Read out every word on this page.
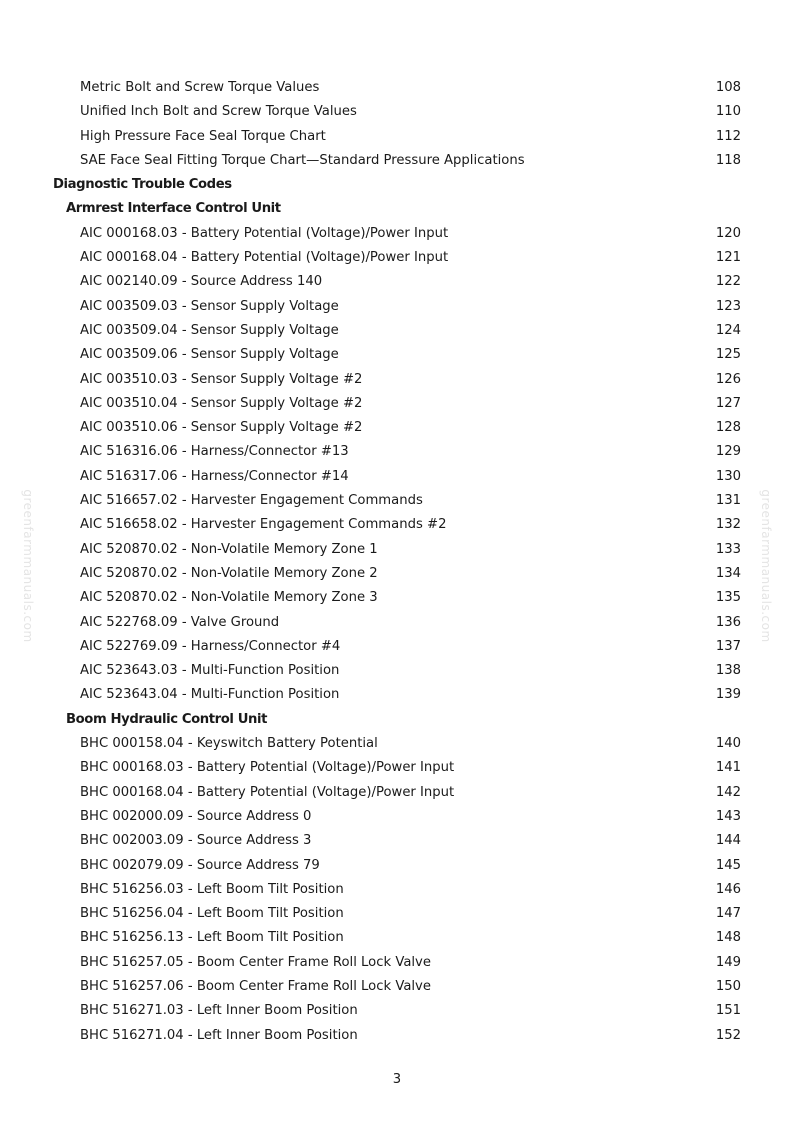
Metric Bolt and Screw Torque Values	108
Unified Inch Bolt and Screw Torque Values	110
High Pressure Face Seal Torque Chart	112
SAE Face Seal Fitting Torque Chart—Standard Pressure Applications	118
Diagnostic Trouble Codes
Armrest Interface Control Unit
AIC 000168.03 - Battery Potential (Voltage)/Power Input	120
AIC 000168.04 - Battery Potential (Voltage)/Power Input	121
AIC 002140.09 - Source Address 140	122
AIC 003509.03 - Sensor Supply Voltage	123
AIC 003509.04 - Sensor Supply Voltage	124
AIC 003509.06 - Sensor Supply Voltage	125
AIC 003510.03 - Sensor Supply Voltage #2	126
AIC 003510.04 - Sensor Supply Voltage #2	127
AIC 003510.06 - Sensor Supply Voltage #2	128
AIC 516316.06 - Harness/Connector #13	129
AIC 516317.06 - Harness/Connector #14	130
AIC 516657.02 - Harvester Engagement Commands	131
AIC 516658.02 - Harvester Engagement Commands #2	132
AIC 520870.02 - Non-Volatile Memory Zone 1	133
AIC 520870.02 - Non-Volatile Memory Zone 2	134
AIC 520870.02 - Non-Volatile Memory Zone 3	135
AIC 522768.09 - Valve Ground	136
AIC 522769.09 - Harness/Connector #4	137
AIC 523643.03 - Multi-Function Position	138
AIC 523643.04 - Multi-Function Position	139
Boom Hydraulic Control Unit
BHC 000158.04 - Keyswitch Battery Potential	140
BHC 000168.03 - Battery Potential (Voltage)/Power Input	141
BHC 000168.04 - Battery Potential (Voltage)/Power Input	142
BHC 002000.09 - Source Address 0	143
BHC 002003.09 - Source Address 3	144
BHC 002079.09 - Source Address 79	145
BHC 516256.03 - Left Boom Tilt Position	146
BHC 516256.04 - Left Boom Tilt Position	147
BHC 516256.13 - Left Boom Tilt Position	148
BHC 516257.05 - Boom Center Frame Roll Lock Valve	149
BHC 516257.06 - Boom Center Frame Roll Lock Valve	150
BHC 516271.03 - Left Inner Boom Position	151
BHC 516271.04 - Left Inner Boom Position	152
greenfarmmanuals.com	greenfarmmanuals.com
3
